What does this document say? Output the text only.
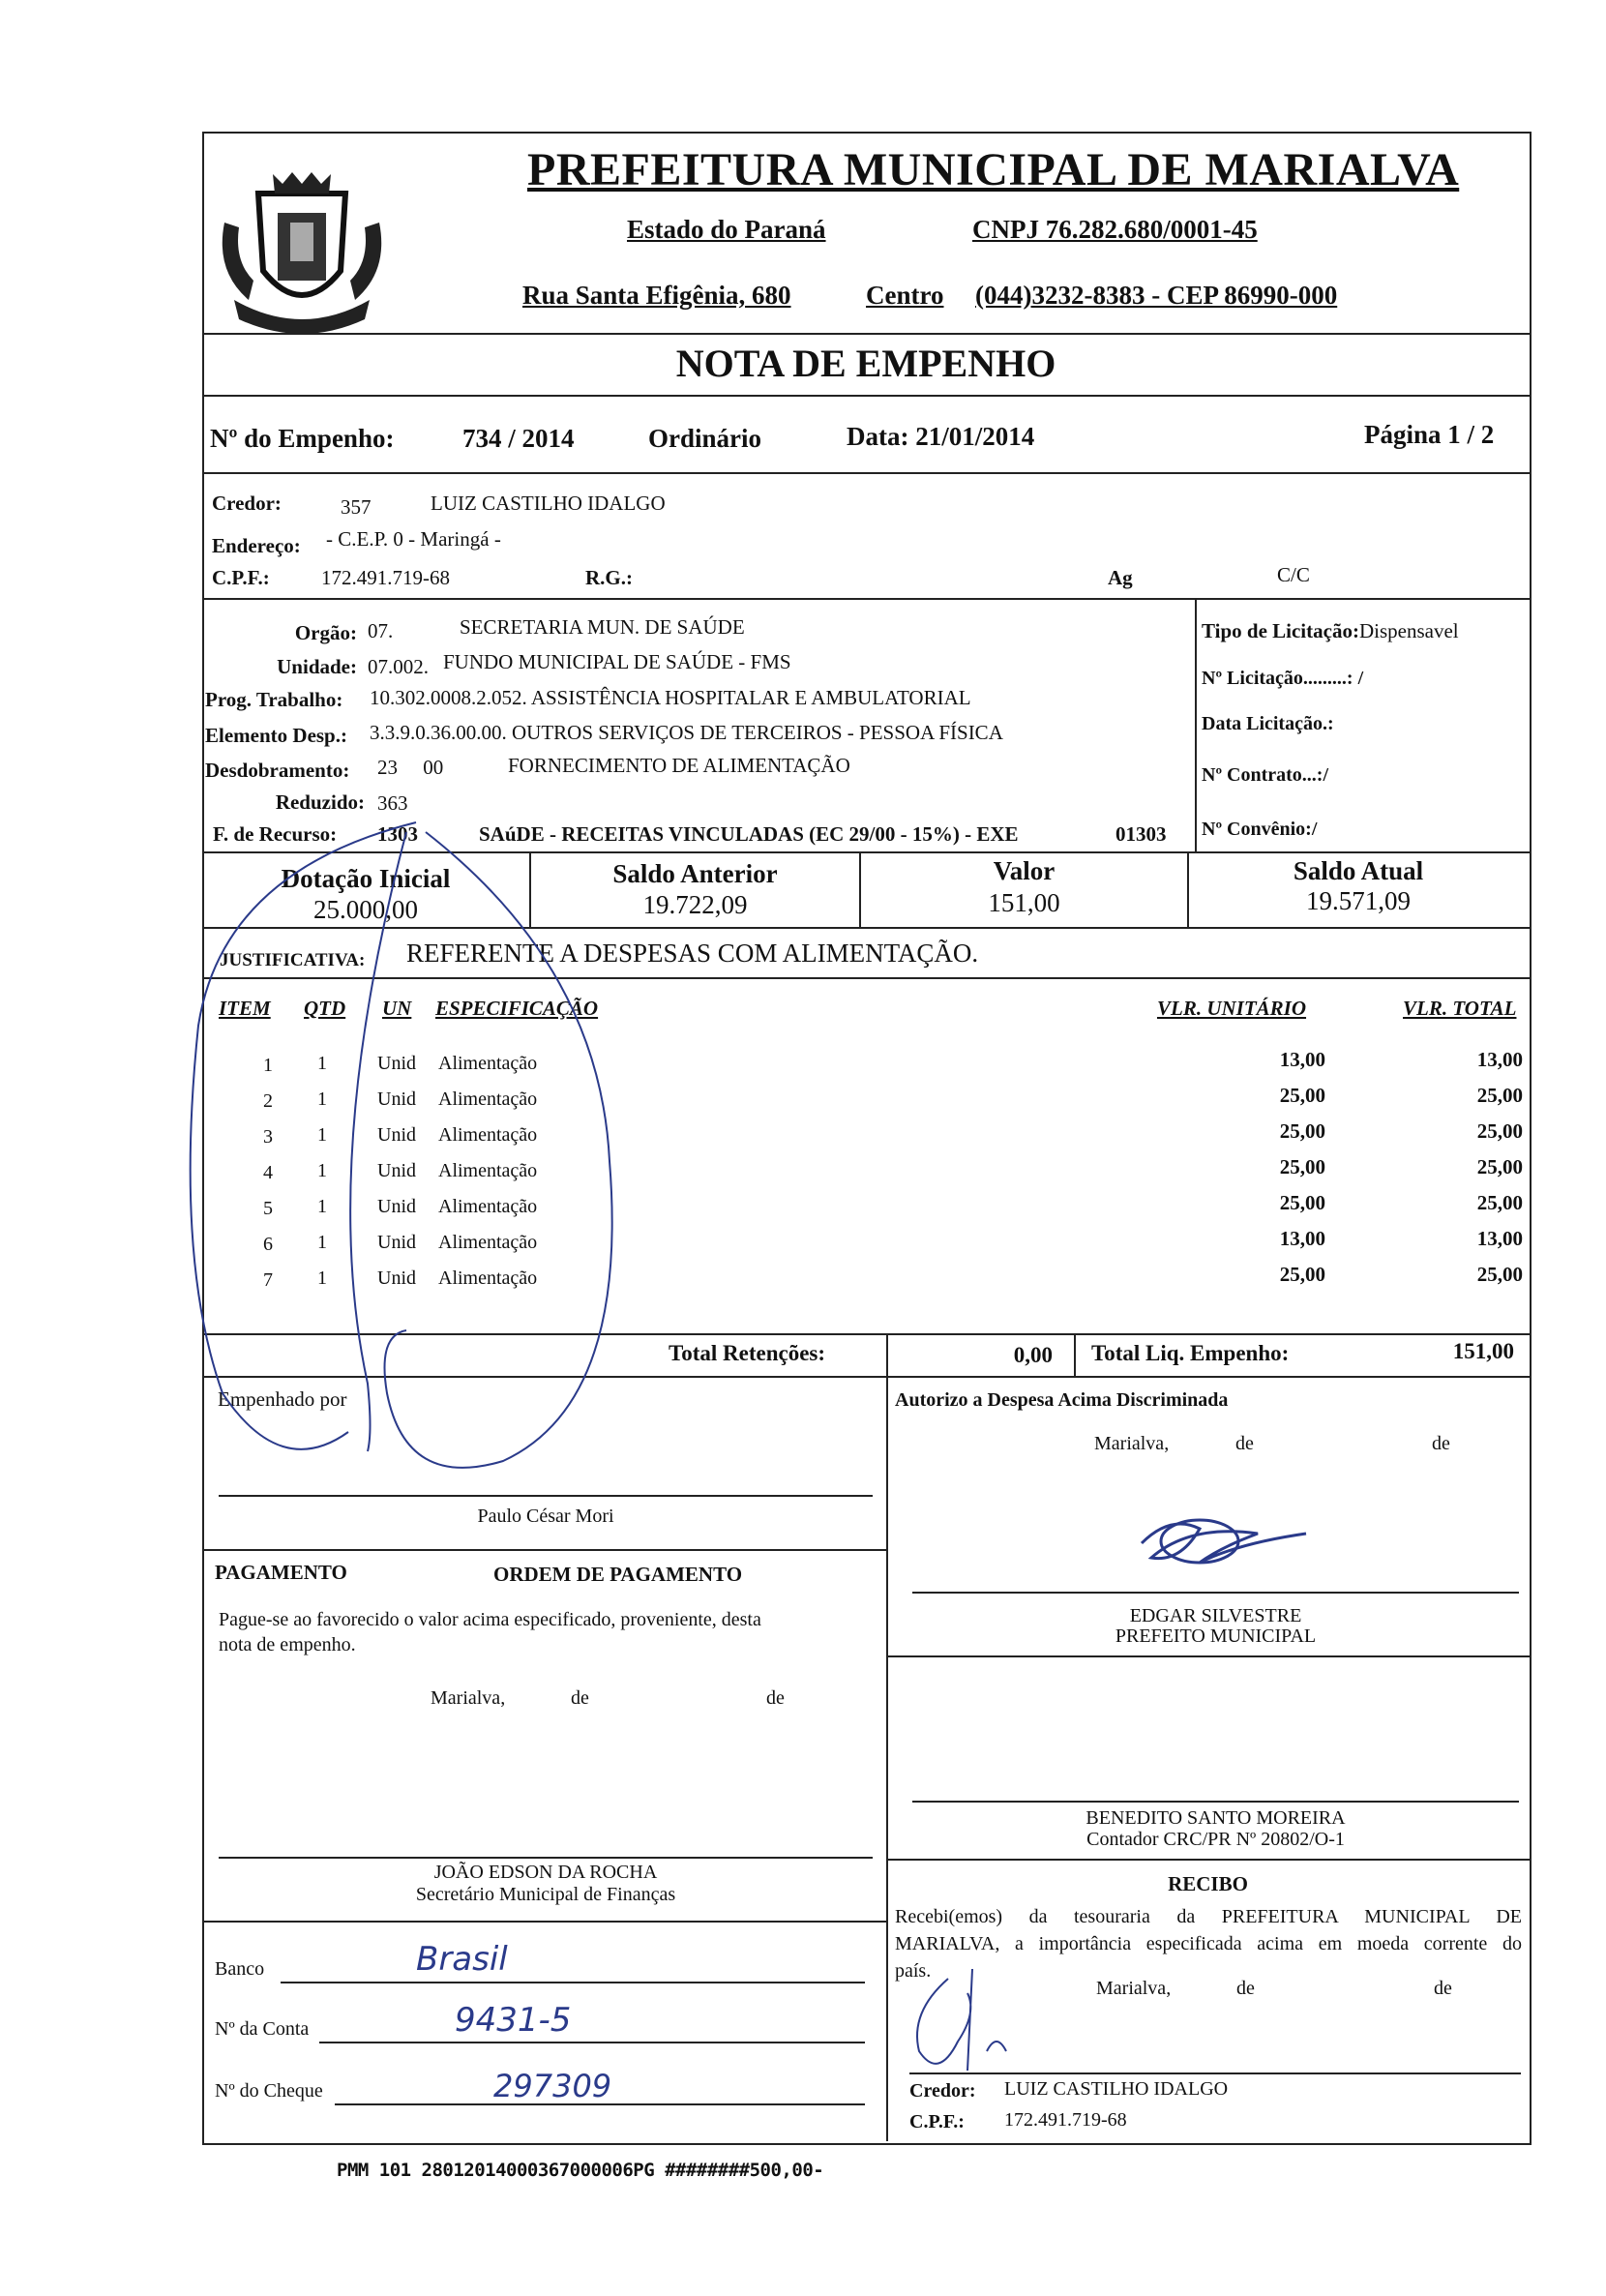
PREFEITURA MUNICIPAL DE MARIALVA
Estado do Paraná	CNPJ 76.282.680/0001-45
Rua Santa Efigênia, 680	Centro (044)3232-8383 - CEP 86990-000
NOTA DE EMPENHO
Nº do Empenho:	734 / 2014	Ordinário	Data: 21/01/2014	Página 1 / 2
Credor:	357	LUIZ CASTILHO IDALGO
Endereço: - C.E.P. 0 - Maringá -
C.P.F.:	172.491.719-68	R.G.:	Ag	C/C
Orgão: 07.	SECRETARIA MUN. DE SAÚDE
Unidade: 07.002. FUNDO MUNICIPAL DE SAÚDE - FMS
Prog. Trabalho: 10.302.0008.2.052. ASSISTÊNCIA HOSPITALAR E AMBULATORIAL
Elemento Desp.: 3.3.9.0.36.00.00. OUTROS SERVIÇOS DE TERCEIROS - PESSOA FÍSICA
Desdobramento: 23     00	FORNECIMENTO DE ALIMENTAÇÃO
Reduzido: 363
F. de Recurso: 1303	SAúDE - RECEITAS VINCULADAS (EC 29/00 - 15%) - EXE	01303
Tipo de Licitação:Dispensavel
Nº Licitação.........: /
Data Licitação.:
Nº Contrato...:/
Nº Convênio:/
Dotação Inicial
25.000,00
Saldo Anterior
19.722,09
Valor
151,00
Saldo Atual
19.571,09
JUSTIFICATIVA: REFERENTE A DESPESAS COM ALIMENTAÇÃO.
ITEM QTD UN ESPECIFICAÇÃO	VLR. UNITÁRIO	VLR. TOTAL
1 1	Unid Alimentação	13,00	13,00
2 1	Unid Alimentação	25,00	25,00
3 1	Unid Alimentação	25,00	25,00
4 1	Unid Alimentação	25,00	25,00
5 1	Unid Alimentação	25,00	25,00
6 1	Unid Alimentação	13,00	13,00
7 1	Unid Alimentação	25,00	25,00
Total Retenções:	0,00 Total Liq. Empenho:	151,00
Empenhado por
Paulo César Mori
Autorizo a Despesa Acima Discriminada
Marialva,	de	de
EDGAR SILVESTRE
PREFEITO MUNICIPAL
PAGAMENTO	ORDEM DE PAGAMENTO
Pague-se ao favorecido o valor acima especificado, proveniente, desta
nota de empenho.
Marialva,	de	de
JOÃO EDSON DA ROCHA
Secretário Municipal de Finanças
BENEDITO SANTO MOREIRA
Contador CRC/PR Nº 20802/O-1
RECIBO
Recebi(emos) da tesouraria da PREFEITURA MUNICIPAL DE
MARIALVA, a importância especificada acima em moeda corrente do
país.
Marialva,	de	de
Credor: LUIZ CASTILHO IDALGO
C.P.F.: 172.491.719-68
Banco	Brasil
Nº da Conta	9431-5
Nº do Cheque	297309
PMM 101 28012014000367000006PG ########500,00-
